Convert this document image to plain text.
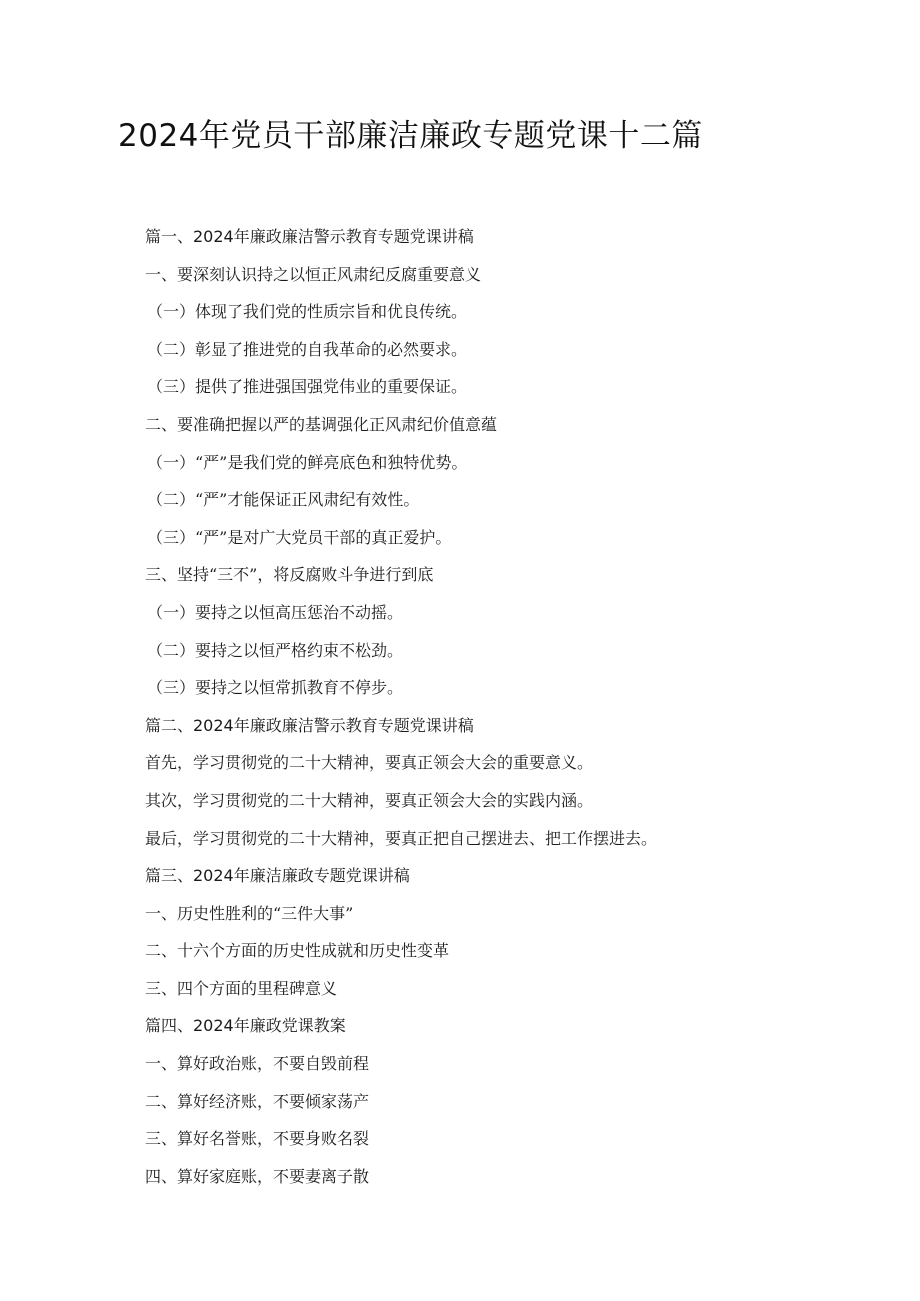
2024年党员干部廉洁廉政专题党课十二篇
篇一、2024年廉政廉洁警示教育专题党课讲稿
一、要深刻认识持之以恒正风肃纪反腐重要意义
（一）体现了我们党的性质宗旨和优良传统。
（二）彰显了推进党的自我革命的必然要求。
（三）提供了推进强国强党伟业的重要保证。
二、要准确把握以严的基调强化正风肃纪价值意蕴
（一）“严”是我们党的鲜亮底色和独特优势。
（二）“严”才能保证正风肃纪有效性。
（三）“严”是对广大党员干部的真正爱护。
三、坚持“三不”，将反腐败斗争进行到底
（一）要持之以恒高压惩治不动摇。
（二）要持之以恒严格约束不松劲。
（三）要持之以恒常抓教育不停步。
篇二、2024年廉政廉洁警示教育专题党课讲稿
首先，学习贯彻党的二十大精神，要真正领会大会的重要意义。
其次，学习贯彻党的二十大精神，要真正领会大会的实践内涵。
最后，学习贯彻党的二十大精神，要真正把自己摆进去、把工作摆进去。
篇三、2024年廉洁廉政专题党课讲稿
一、历史性胜利的“三件大事”
二、十六个方面的历史性成就和历史性变革
三、四个方面的里程碑意义
篇四、2024年廉政党课教案
一、算好政治账，不要自毁前程
二、算好经济账，不要倾家荡产
三、算好名誉账，不要身败名裂
四、算好家庭账，不要妻离子散
